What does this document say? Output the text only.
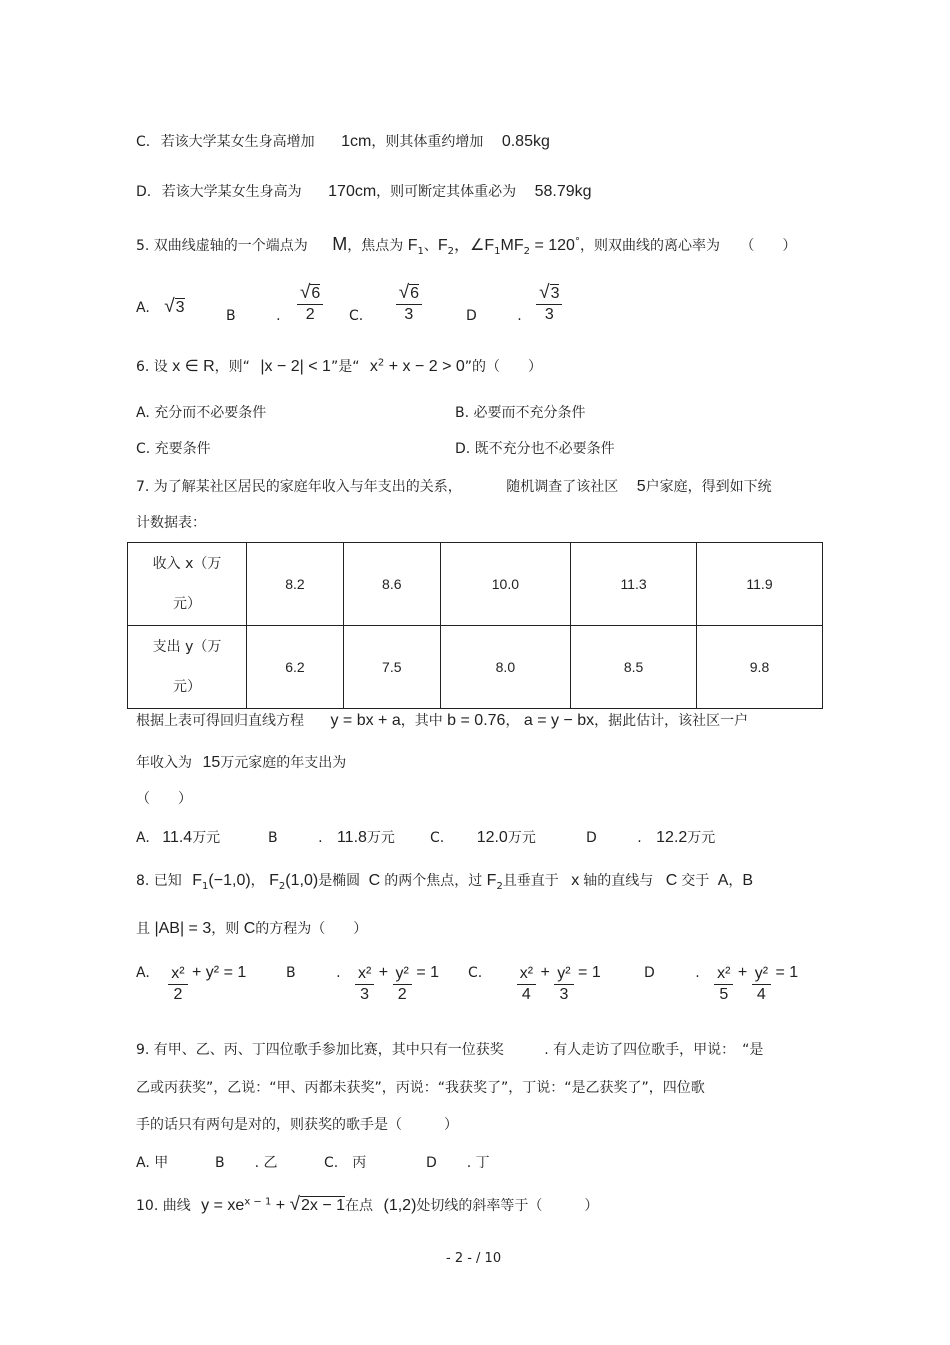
C. 若该大学某女生身高增加 1cm，则其体重约增加 0.85kg
D. 若该大学某女生身高为 170cm，则可断定其体重必为 58.79kg
5. 双曲线虚轴的一个端点为 M，焦点为 $F_1$、$F_2$，$\angle F_1MF_2 = 120^\circ$，则双曲线的离心率为 （　　）
A. √ 3
B	. √ $\frac{6}{2} C$. √ $\frac{6}{3}$	D	. √ $\frac{3}{3}$
6. 设 x ∈ R，则“ |x − 2| < 1”是“ $x^2 + x - 2 > 0$”的（　　）
A. 充分而不必要条件	B. 必要而不充分条件
C. 充要条件	D. 既不充分也不必要条件
7. 为了解某社区居民的家庭年收入与年支出的关系，	随机调查了该社区 5户家庭，得到如下统
计数据表：
收入 x（万
元）	8.2	8.6	10.0	11.3	11.9
支出 y（万
元）	6.2	7.5	8.0	8.5	9.8
根据上表可得回归直线方程 y = bx + a，其中 b = 0.76， a = y − bx，据此估计，该社区一户
年收入为 15万元家庭的年支出为
（　　）
A. 11.4万元	B	. 11.8万元	C. 12.0万元	D	. 12.2万元
8. 已知 $F_1(-1,0)$， $F_2(1,0)$是椭圆 C 的两个焦点，过 $F_2$且垂直于 x 轴的直线与 C 交于 A，B
且 |AB| = 3，则 C的方程为（　　）
A. $\frac{\text{x²}}{2} + y^2 = 1$	B	. $\frac{\text{x²}}{3} + \frac{\text{y²}}{2} = 1$ C. $\frac{\text{x²}}{4} + \frac{\text{y²}}{3} = 1$	D	. $\frac{\text{x²}}{5} + \frac{\text{y²}}{4} = 1$
9. 有甲、乙、丙、丁四位歌手参加比赛，其中只有一位获奖	. 有人走访了四位歌手，甲说：　“是
乙或丙获奖”，乙说：“甲、丙都未获奖”，丙说：“我获奖了”，丁说：“是乙获奖了”，四位歌
手的话只有两句是对的，则获奖的歌手是（　　　）
A. 甲	B . 乙	C.　丙	D . 丁
10. 曲线 $y = xe^{x - 1}$ + √ 2x − 1在点 (1,2)处切线的斜率等于（　　　）
- 2 - / 10
